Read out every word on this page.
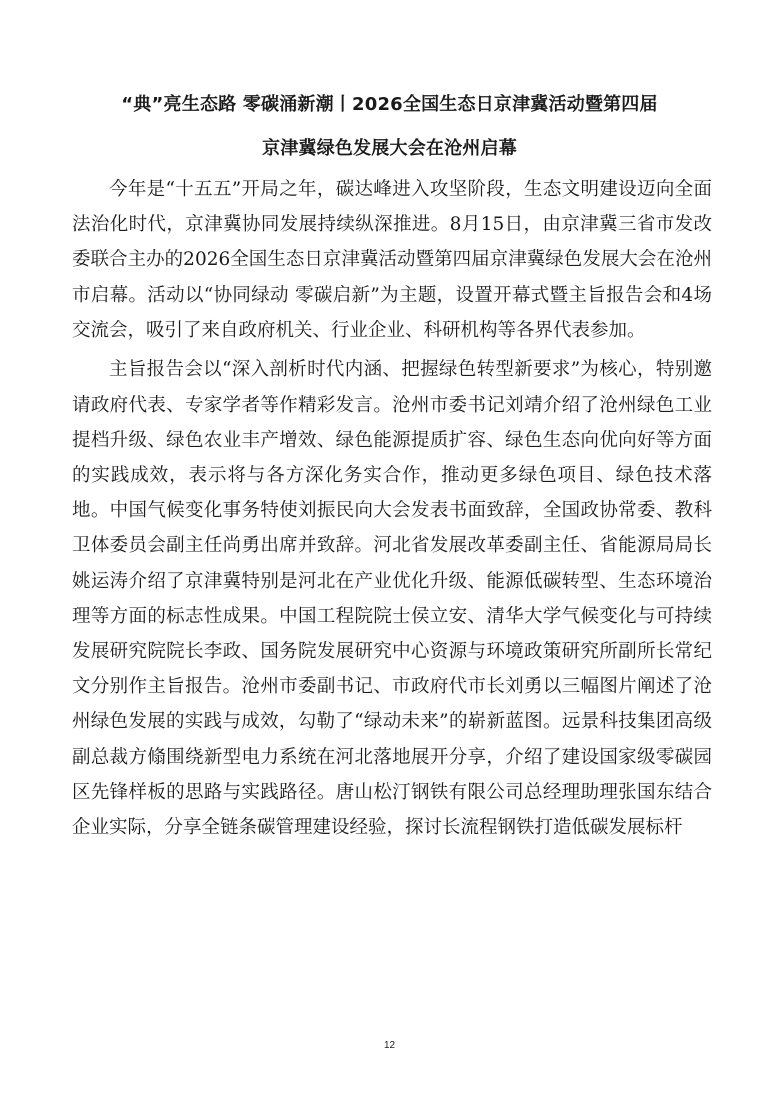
“典”亮生态路 零碳涌新潮丨2026全国生态日京津冀活动暨第四届
京津冀绿色发展大会在沧州启幕

今年是“十五五”开局之年，碳达峰进入攻坚阶段，生态文明建设迈向全面法治化时代，京津冀协同发展持续纵深推进。8月15日，由京津冀三省市发改委联合主办的2026全国生态日京津冀活动暨第四届京津冀绿色发展大会在沧州市启幕。活动以“协同绿动 零碳启新”为主题，设置开幕式暨主旨报告会和4场交流会，吸引了来自政府机关、行业企业、科研机构等各界代表参加。

主旨报告会以“深入剖析时代内涵、把握绿色转型新要求”为核心，特别邀请政府代表、专家学者等作精彩发言。沧州市委书记刘靖介绍了沧州绿色工业提档升级、绿色农业丰产增效、绿色能源提质扩容、绿色生态向优向好等方面的实践成效，表示将与各方深化务实合作，推动更多绿色项目、绿色技术落地。中国气候变化事务特使刘振民向大会发表书面致辞，全国政协常委、教科卫体委员会副主任尚勇出席并致辞。河北省发展改革委副主任、省能源局局长姚运涛介绍了京津冀特别是河北在产业优化升级、能源低碳转型、生态环境治理等方面的标志性成果。中国工程院院士侯立安、清华大学气候变化与可持续发展研究院院长李政、国务院发展研究中心资源与环境政策研究所副所长常纪文分别作主旨报告。沧州市委副书记、市政府代市长刘勇以三幅图片阐述了沧州绿色发展的实践与成效，勾勒了“绿动未来”的崭新蓝图。远景科技集团高级副总裁方翛围绕新型电力系统在河北落地展开分享，介绍了建设国家级零碳园区先锋样板的思路与实践路径。唐山松汀钢铁有限公司总经理助理张国东结合企业实际，分享全链条碳管理建设经验，探讨长流程钢铁打造低碳发展标杆

12
